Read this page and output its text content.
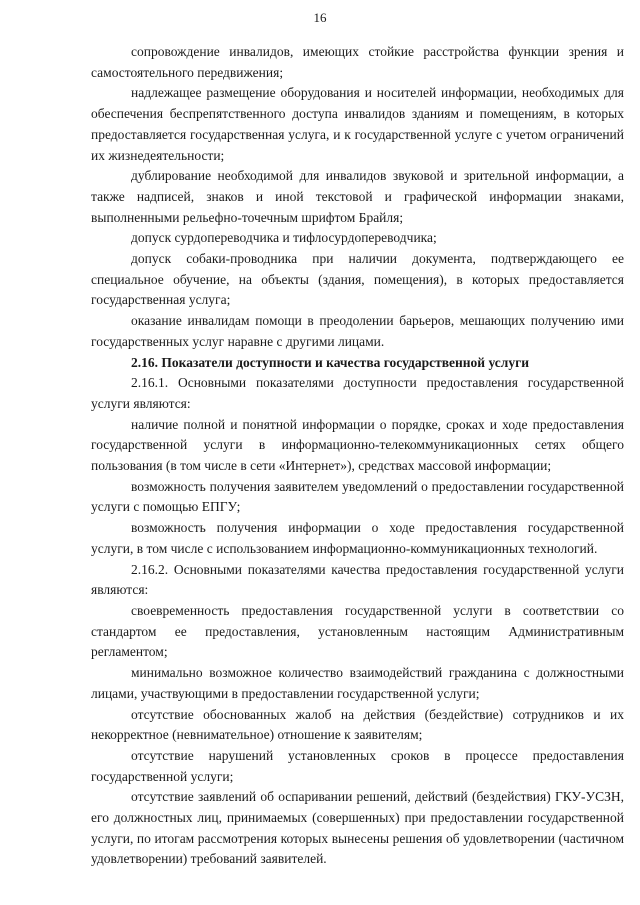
16

сопровождение инвалидов, имеющих стойкие расстройства функции зрения и самостоятельного передвижения;

надлежащее размещение оборудования и носителей информации, необходимых для обеспечения беспрепятственного доступа инвалидов зданиям и помещениям, в которых предоставляется государственная услуга, и к государственной услуге с учетом ограничений их жизнедеятельности;

дублирование необходимой для инвалидов звуковой и зрительной информации, а также надписей, знаков и иной текстовой и графической информации знаками, выполненными рельефно-точечным шрифтом Брайля;

допуск сурдопереводчика и тифлосурдопереводчика;

допуск собаки-проводника при наличии документа, подтверждающего ее специальное обучение, на объекты (здания, помещения), в которых предоставляется государственная услуга;

оказание инвалидам помощи в преодолении барьеров, мешающих получению ими государственных услуг наравне с другими лицами.

2.16. Показатели доступности и качества государственной услуги

2.16.1. Основными показателями доступности предоставления государственной

услуги являются:

наличие полной и понятной информации о порядке, сроках и ходе предоставления государственной услуги в информационно-телекоммуникационных сетях общего пользования (в том числе в сети «Интернет»), средствах массовой информации;

возможность получения заявителем уведомлений о предоставлении государственной услуги с помощью ЕПГУ;

возможность получения информации о ходе предоставления государственной услуги, в том числе с использованием информационно-коммуникационных технологий.

2.16.2. Основными показателями качества предоставления государственной услуги являются:

своевременность предоставления государственной услуги в соответствии со стандартом ее предоставления, установленным настоящим Административным регламентом;

минимально возможное количество взаимодействий гражданина с должностными лицами, участвующими в предоставлении государственной услуги;

отсутствие обоснованных жалоб на действия (бездействие) сотрудников и их некорректное (невнимательное) отношение к заявителям;

отсутствие нарушений установленных сроков в процессе предоставления государственной услуги;

отсутствие заявлений об оспаривании решений, действий (бездействия) ГКУ-УСЗН, его должностных лиц, принимаемых (совершенных) при предоставлении государственной услуги, по итогам рассмотрения которых вынесены решения об удовлетворении (частичном удовлетворении) требований заявителей.
